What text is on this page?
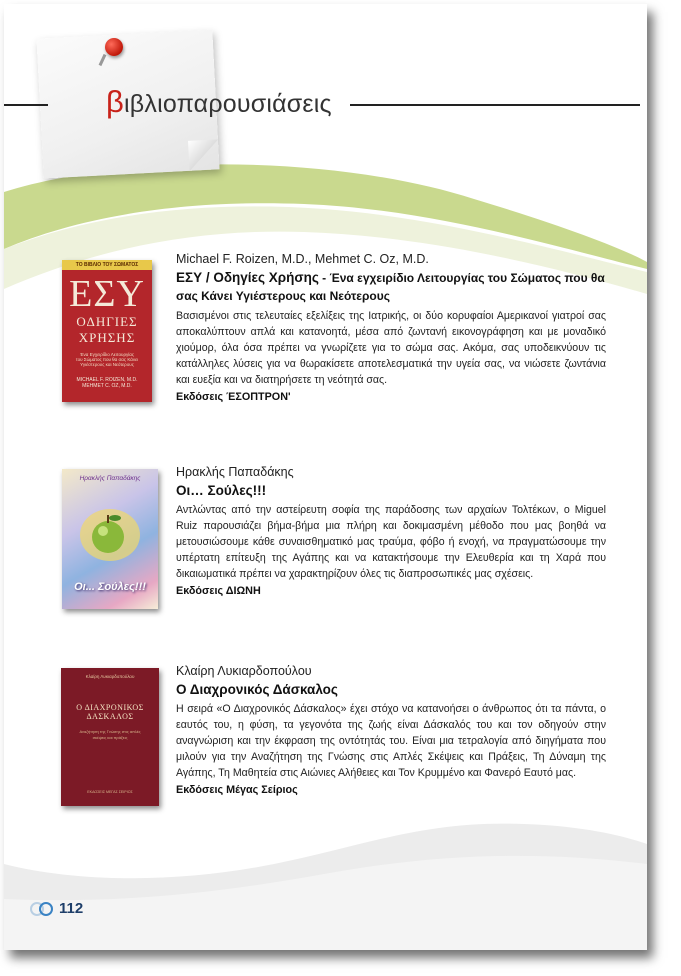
βιβλιοπαρουσιάσεις
ΤΟ ΒΙΒΛΙΟ ΤΟΥ ΣΩΜΑΤΟΣ
ΕΣΥ
ΟΔΗΓΙΕΣ
ΧΡΗΣΗΣ
Ένα Εγχειρίδιο Λειτουργίας
του Σώματος που θα σας Κάνει
Υγιέστερους και Νεότερους
MICHAEL F. ROIZEN, M.D.
MEHMET C. OZ, M.D.
Michael F. Roizen, M.D., Mehmet C. Oz, M.D.
ΕΣΥ / Οδηγίες Χρήσης - Ένα εγχειρίδιο Λειτουργίας του Σώματος που θα σας Κάνει Υγιέστερους και Νεότερους
Βασισμένοι στις τελευταίες εξελίξεις της Ιατρικής, οι δύο κορυφαίοι Αμερικανοί γιατροί σας αποκαλύπτουν απλά και κατανοητά, μέσα από ζωντανή εικονογράφηση και με μοναδικό χιούμορ, όλα όσα πρέπει να γνωρίζετε για το σώμα σας. Ακόμα, σας υποδεικνύουν τις κατάλληλες λύσεις για να θωρακίσετε αποτελεσματικά την υγεία σας, να νιώσετε ζωντάνια και ευεξία και να διατηρήσετε τη νεότητά σας.
Εκδόσεις ΈΣΟΠΤΡΟΝ'
Ηρακλής Παπαδάκης
Οι... Σούλες!!!
Ηρακλής Παπαδάκης
Οι… Σούλες!!!
Αντλώντας από την αστείρευτη σοφία της παράδοσης των αρχαίων Τολτέκων, ο Miguel Ruiz παρουσιάζει βήμα-βήμα μια πλήρη και δοκιμασμένη μέθοδο που μας βοηθά να μετουσιώσουμε κάθε συναισθηματικό μας τραύμα, φόβο ή ενοχή, να πραγματώσουμε την υπέρτατη επίτευξη της Αγάπης και να κατακτήσουμε την Ελευθερία και τη Χαρά που δικαιωματικά πρέπει να χαρακτηρίζουν όλες τις διαπροσωπικές μας σχέσεις.
Εκδόσεις ΔΙΩΝΗ
Κλαίρη Λυκιαρδοπούλου
Ο ΔΙΑΧΡΟΝΙΚΟΣ
ΔΑΣΚΑΛΟΣ
Αναζήτηση της Γνώσης στις απλές σκέψεις και πράξεις
ΕΚΔΟΣΕΙΣ ΜΕΓΑΣ ΣΕΙΡΙΟΣ
Κλαίρη Λυκιαρδοπούλου
Ο Διαχρονικός Δάσκαλος
Η σειρά «Ο Διαχρονικός Δάσκαλος» έχει στόχο να κατανοήσει ο άνθρωπος ότι τα πάντα, ο εαυτός του, η φύση, τα γεγονότα της ζωής είναι Δάσκαλός του και τον οδηγούν στην αναγνώριση και την έκφραση της οντότητάς του. Είναι μια τετραλογία από διηγήματα που μιλούν για την Αναζήτηση της Γνώσης στις Απλές Σκέψεις και Πράξεις, Τη Δύναμη της Αγάπης, Τη Μαθητεία στις Αιώνιες Αλήθειες και Τον Κρυμμένο και Φανερό Εαυτό μας.
Εκδόσεις Μέγας Σείριος
112
